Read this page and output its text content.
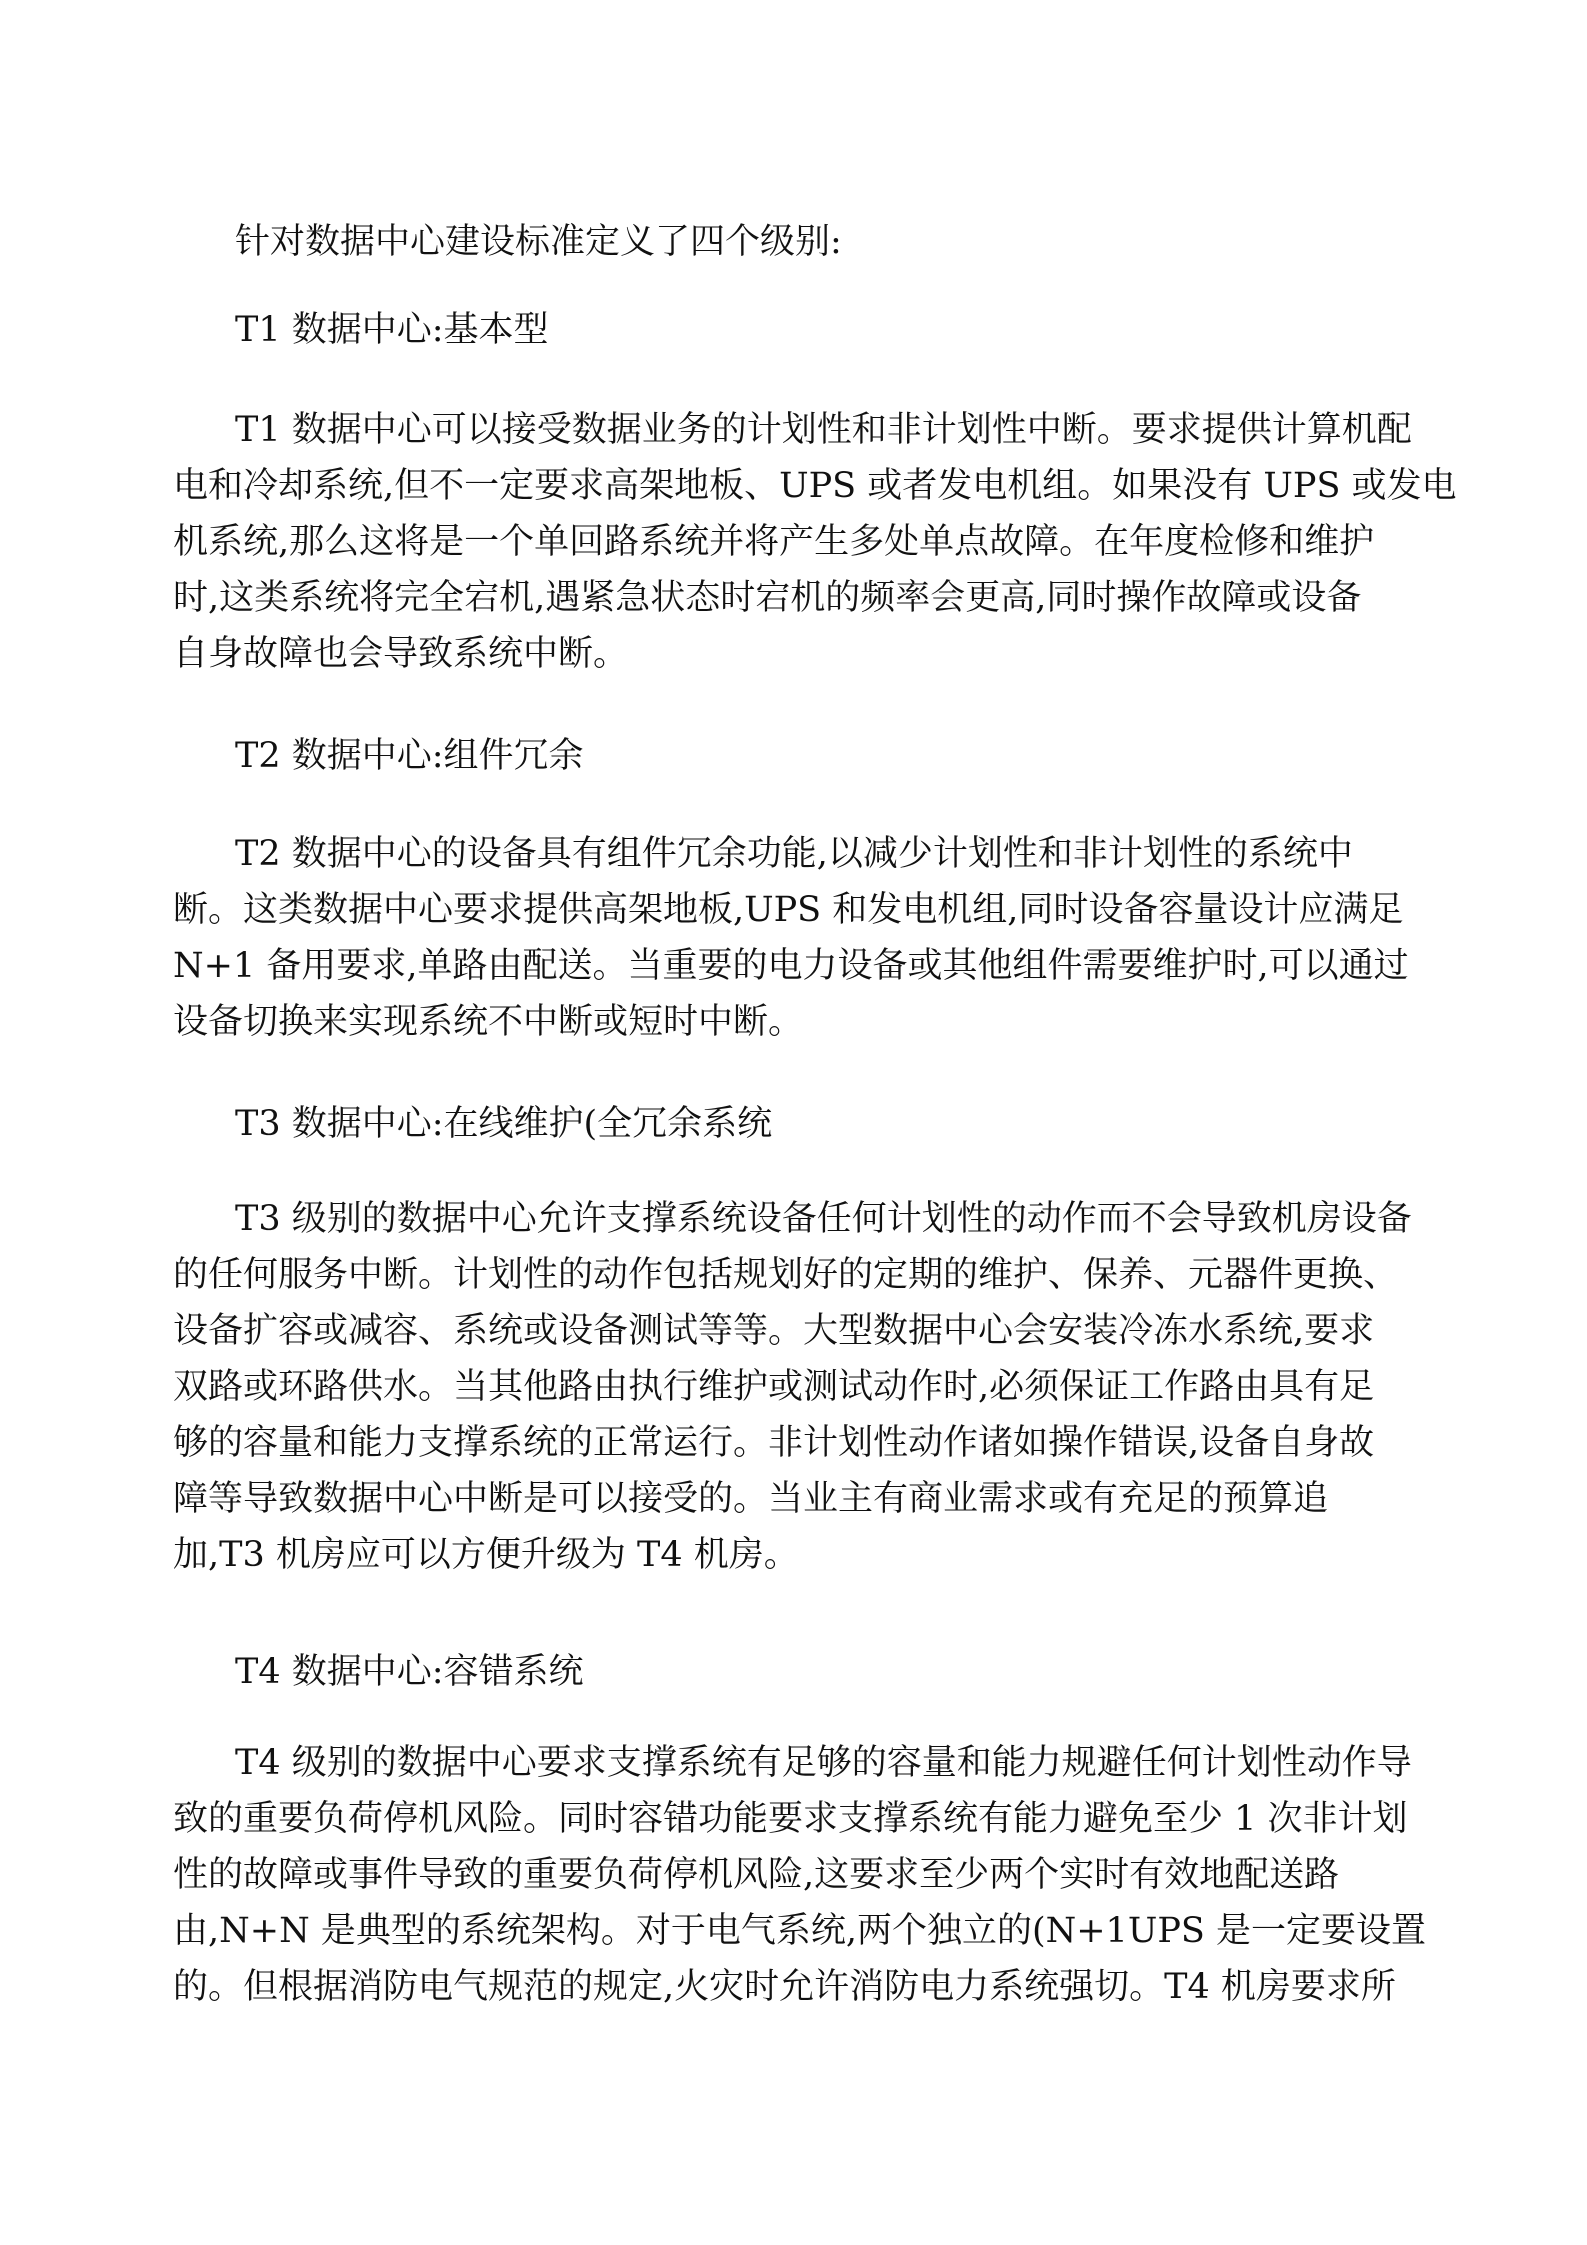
针对数据中心建设标准定义了四个级别:
T1 数据中心:基本型
T1 数据中心可以接受数据业务的计划性和非计划性中断。要求提供计算机配
电和冷却系统,但不一定要求高架地板、UPS 或者发电机组。如果没有 UPS 或发电
机系统,那么这将是一个单回路系统并将产生多处单点故障。在年度检修和维护
时,这类系统将完全宕机,遇紧急状态时宕机的频率会更高,同时操作故障或设备
自身故障也会导致系统中断。
T2 数据中心:组件冗余
T2 数据中心的设备具有组件冗余功能,以减少计划性和非计划性的系统中
断。这类数据中心要求提供高架地板,UPS 和发电机组,同时设备容量设计应满足
N+1 备用要求,单路由配送。当重要的电力设备或其他组件需要维护时,可以通过
设备切换来实现系统不中断或短时中断。
T3 数据中心:在线维护(全冗余系统
T3 级别的数据中心允许支撑系统设备任何计划性的动作而不会导致机房设备
的任何服务中断。计划性的动作包括规划好的定期的维护、保养、元器件更换、
设备扩容或减容、系统或设备测试等等。大型数据中心会安装冷冻水系统,要求
双路或环路供水。当其他路由执行维护或测试动作时,必须保证工作路由具有足
够的容量和能力支撑系统的正常运行。非计划性动作诸如操作错误,设备自身故
障等导致数据中心中断是可以接受的。当业主有商业需求或有充足的预算追
加,T3 机房应可以方便升级为 T4 机房。
T4 数据中心:容错系统
T4 级别的数据中心要求支撑系统有足够的容量和能力规避任何计划性动作导
致的重要负荷停机风险。同时容错功能要求支撑系统有能力避免至少 1 次非计划
性的故障或事件导致的重要负荷停机风险,这要求至少两个实时有效地配送路
由,N+N 是典型的系统架构。对于电气系统,两个独立的(N+1UPS 是一定要设置
的。但根据消防电气规范的规定,火灾时允许消防电力系统强切。T4 机房要求所
